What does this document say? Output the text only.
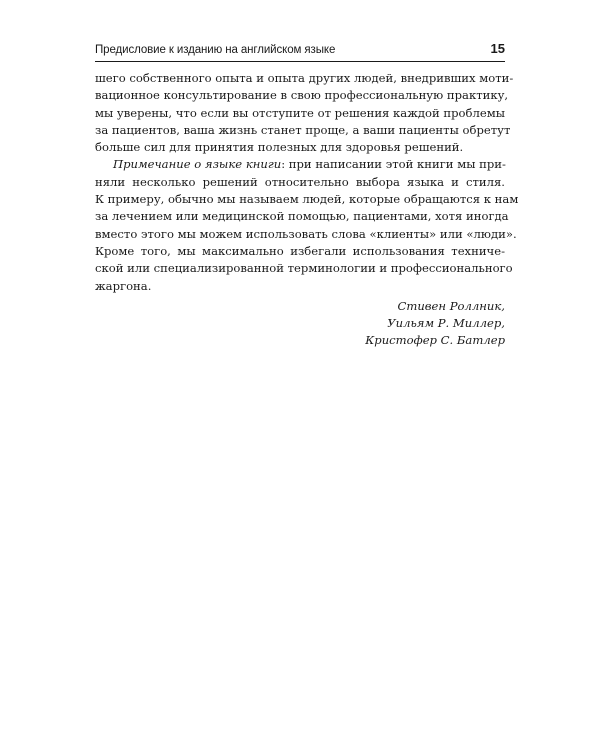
Предисловие к изданию на английском языке	15
шего собственного опыта и опыта других людей, внедривших моти-
вационное консультирование в свою профессиональную практику,
мы уверены, что если вы отступите от решения каждой проблемы
за пациентов, ваша жизнь станет проще, а ваши пациенты обретут
больше сил для принятия полезных для здоровья решений.
Примечание о языке книги: при написании этой книги мы при-
няли несколько решений относительно выбора языка и стиля.
К примеру, обычно мы называем людей, которые обращаются к нам
за лечением или медицинской помощью, пациентами, хотя иногда
вместо этого мы можем использовать слова «клиенты» или «люди».
Кроме того, мы максимально избегали использования техниче-
ской или специализированной терминологии и профессионального
жаргона.
Стивен Роллник,
Уильям Р. Миллер,
Кристофер С. Батлер
